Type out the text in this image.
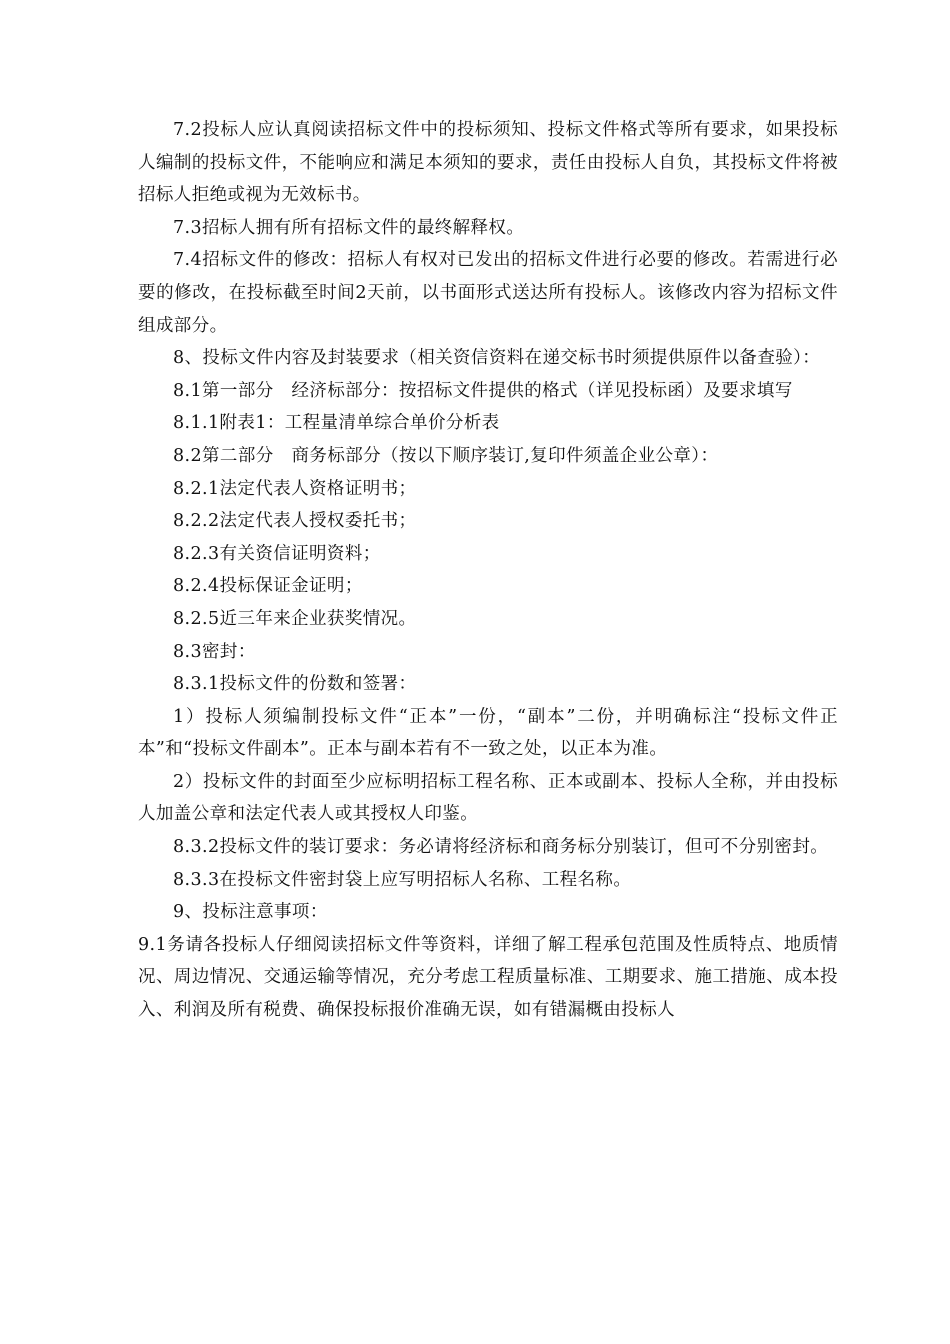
7.2投标人应认真阅读招标文件中的投标须知、投标文件格式等所有要求，如果投标人编制的投标文件，不能响应和满足本须知的要求，责任由投标人自负，其投标文件将被招标人拒绝或视为无效标书。

7.3招标人拥有所有招标文件的最终解释权。

7.4招标文件的修改：招标人有权对已发出的招标文件进行必要的修改。若需进行必要的修改，在投标截至时间2天前，以书面形式送达所有投标人。该修改内容为招标文件组成部分。

8、投标文件内容及封装要求（相关资信资料在递交标书时须提供原件以备查验）：

8.1第一部分　经济标部分：按招标文件提供的格式（详见投标函）及要求填写

8.1.1附表1：工程量清单综合单价分析表

8.2第二部分　商务标部分（按以下顺序装订,复印件须盖企业公章）：

8.2.1法定代表人资格证明书；

8.2.2法定代表人授权委托书；

8.2.3有关资信证明资料；

8.2.4投标保证金证明；

8.2.5近三年来企业获奖情况。

8.3密封：

8.3.1投标文件的份数和签署：

1）投标人须编制投标文件“正本”一份，“副本”二份，并明确标注“投标文件正本”和“投标文件副本”。正本与副本若有不一致之处，以正本为准。

2）投标文件的封面至少应标明招标工程名称、正本或副本、投标人全称，并由投标人加盖公章和法定代表人或其授权人印鉴。

8.3.2投标文件的装订要求：务必请将经济标和商务标分别装订，但可不分别密封。

8.3.3在投标文件密封袋上应写明招标人名称、工程名称。

9、投标注意事项：

9.1务请各投标人仔细阅读招标文件等资料，详细了解工程承包范围及性质特点、地质情况、周边情况、交通运输等情况，充分考虑工程质量标准、工期要求、施工措施、成本投入、利润及所有税费、确保投标报价准确无误，如有错漏概由投标人
